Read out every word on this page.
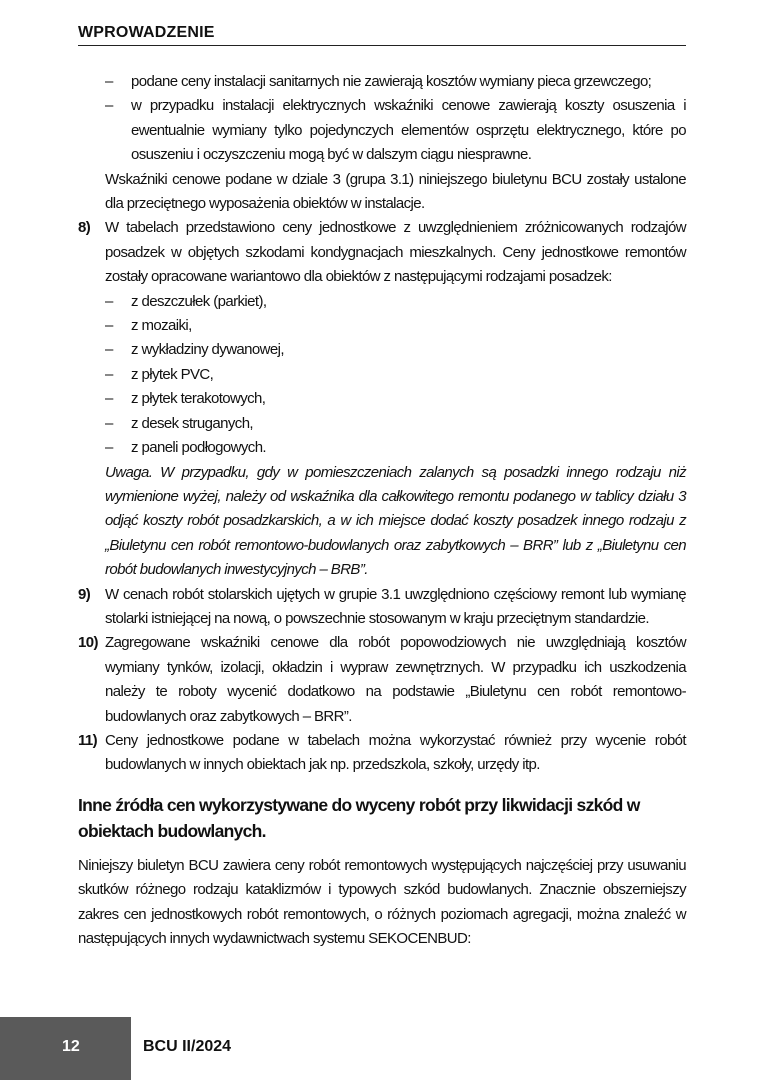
WPROWADZENIE
– podane ceny instalacji sanitarnych nie zawierają kosztów wymiany pieca grzewczego;
– w przypadku instalacji elektrycznych wskaźniki cenowe zawierają koszty osuszenia i ewentualnie wymiany tylko pojedynczych elementów osprzętu elektrycznego, które po osuszeniu i oczyszczeniu mogą być w dalszym ciągu niesprawne.
Wskaźniki cenowe podane w dziale 3 (grupa 3.1) niniejszego biuletynu BCU zostały ustalone dla przeciętnego wyposażenia obiektów w instalacje.
8) W tabelach przedstawiono ceny jednostkowe z uwzględnieniem zróżnicowanych rodzajów posadzek w objętych szkodami kondygnacjach mieszkalnych. Ceny jednostkowe remontów zostały opracowane wariantowo dla obiektów z następującymi rodzajami posadzek:
– z deszczułek (parkiet),
– z mozaiki,
– z wykładziny dywanowej,
– z płytek PVC,
– z płytek terakotowych,
– z desek struganych,
– z paneli podłogowych.
Uwaga. W przypadku, gdy w pomieszczeniach zalanych są posadzki innego rodzaju niż wymienione wyżej, należy od wskaźnika dla całkowitego remontu podanego w tablicy działu 3 odjąć koszty robót posadzkarskich, a w ich miejsce dodać koszty posadzek innego rodzaju z „Biuletynu cen robót remontowo-budowlanych oraz zabytkowych – BRR” lub z „Biuletynu cen robót budowlanych inwestycyjnych – BRB”.
9) W cenach robót stolarskich ujętych w grupie 3.1 uwzględniono częściowy remont lub wymianę stolarki istniejącej na nową, o powszechnie stosowanym w kraju przeciętnym standardzie.
10) Zagregowane wskaźniki cenowe dla robót popowodziowych nie uwzględniają kosztów wymiany tynków, izolacji, okładzin i wypraw zewnętrznych. W przypadku ich uszkodzenia należy te roboty wycenić dodatkowo na podstawie „Biuletynu cen robót remontowo-budowlanych oraz zabytkowych – BRR”.
11) Ceny jednostkowe podane w tabelach można wykorzystać również przy wycenie robót budowlanych w innych obiektach jak np. przedszkola, szkoły, urzędy itp.
Inne źródła cen wykorzystywane do wyceny robót przy likwidacji szkód w obiektach budowlanych.
Niniejszy biuletyn BCU zawiera ceny robót remontowych występujących najczęściej przy usuwaniu skutków różnego rodzaju kataklizmów i typowych szkód budowlanych. Znacznie obszerniejszy zakres cen jednostkowych robót remontowych, o różnych poziomach agregacji, można znaleźć w następujących innych wydawnictwach systemu SEKOCENBUD:
12	BCU II/2024
